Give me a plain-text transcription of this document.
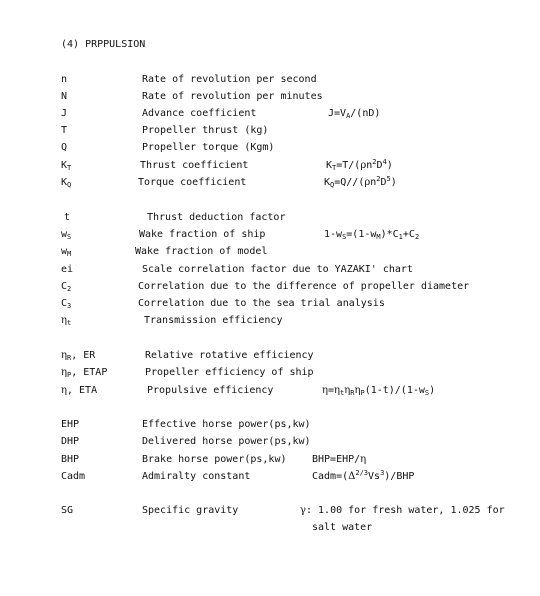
(4) PRPPULSION
n	Rate of revolution per second
N	Rate of revolution per minutes
J	Advance coefficient	$J=V_A/(nD)$
T	Propeller thrust (kg)
Q	Propeller torque (Kgm)
$K_T$	Thrust coefficient	$K_T=T/(\rho n^2D^4)$
$K_Q$	Torque coefficient	$K_Q=Q//(\rho n^2D^5)$
t	Thrust deduction factor
$w_S$	Wake fraction of ship	$1-w_S=(1-w_M)*C_1+C_2$
$w_M$	Wake fraction of model
ei	Scale correlation factor due to YAZAKI' chart
$C_2$	Correlation due to the difference of propeller diameter
$C_3$	Correlation due to the sea trial analysis
$\eta_t$	Transmission efficiency
$\eta_R$, ER	Relative rotative efficiency
$\eta_P$, ETAP	Propeller efficiency of ship
η, ETA	Propulsive efficiency	$\eta=\eta_t\eta_R\eta_P(1-t)/(1-w_S)$
EHP	Effective horse power(ps,kw)
DHP	Delivered horse power(ps,kw)
BHP	Brake horse power(ps,kw)	BHP=EHP/η
Cadm	Admiralty constant	$Cadm=(\Delta^{2/3}Vs^3)$/BHP
SG	Specific gravity	γ: 1.00 for fresh water, 1.025 for
salt water
